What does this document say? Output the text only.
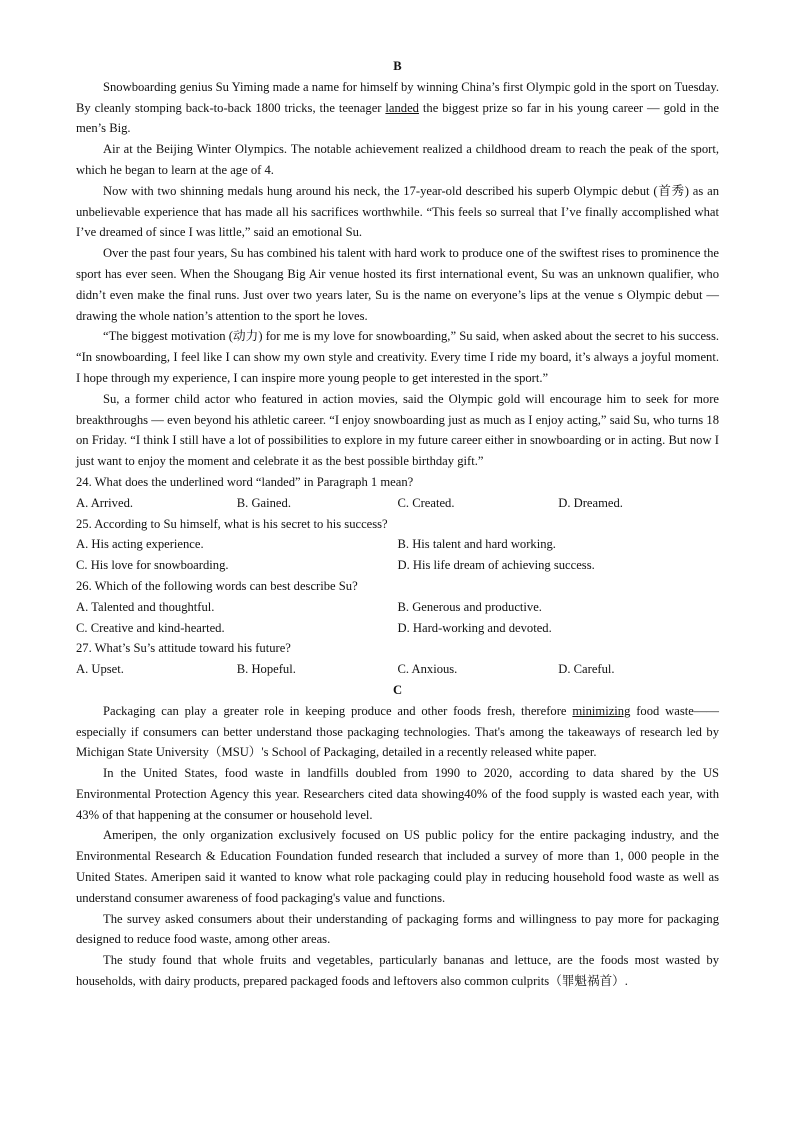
B

Snowboarding genius Su Yiming made a name for himself by winning China’s first Olympic gold in the sport on Tuesday. By cleanly stomping back-to-back 1800 tricks, the teenager landed the biggest prize so far in his young career — gold in the men’s Big.

Air at the Beijing Winter Olympics. The notable achievement realized a childhood dream to reach the peak of the sport, which he began to learn at the age of 4.

Now with two shinning medals hung around his neck, the 17-year-old described his superb Olympic debut (首秀) as an unbelievable experience that has made all his sacrifices worthwhile. “This feels so surreal that I’ve finally accomplished what I’ve dreamed of since I was little,” said an emotional Su.

Over the past four years, Su has combined his talent with hard work to produce one of the swiftest rises to prominence the sport has ever seen. When the Shougang Big Air venue hosted its first international event, Su was an unknown qualifier, who didn’t even make the final runs. Just over two years later, Su is the name on everyone’s lips at the venue s Olympic debut — drawing the whole nation’s attention to the sport he loves.

“The biggest motivation (动力) for me is my love for snowboarding,” Su said, when asked about the secret to his success. “In snowboarding, I feel like I can show my own style and creativity. Every time I ride my board, it’s always a joyful moment. I hope through my experience, I can inspire more young people to get interested in the sport.”

Su, a former child actor who featured in action movies, said the Olympic gold will encourage him to seek for more breakthroughs — even beyond his athletic career. “I enjoy snowboarding just as much as I enjoy acting,” said Su, who turns 18 on Friday. “I think I still have a lot of possibilities to explore in my future career either in snowboarding or in acting. But now I just want to enjoy the moment and celebrate it as the best possible birthday gift.”

24. What does the underlined word “landed” in Paragraph 1 mean?

A. Arrived.	B. Gained.	C. Created.	D. Dreamed.

25. According to Su himself, what is his secret to his success?

A. His acting experience.	B. His talent and hard working.
C. His love for snowboarding.	D. His life dream of achieving success.

26. Which of the following words can best describe Su?

A. Talented and thoughtful.	B. Generous and productive.
C. Creative and kind-hearted.	D. Hard-working and devoted.

27. What’s Su’s attitude toward his future?

A. Upset.	B. Hopeful.	C. Anxious.	D. Careful.

C

Packaging can play a greater role in keeping produce and other foods fresh, therefore minimizing food waste—— especially if consumers can better understand those packaging technologies. That's among the takeaways of research led by Michigan State University（MSU）'s School of Packaging, detailed in a recently released white paper.

In the United States, food waste in landfills doubled from 1990 to 2020, according to data shared by the US Environmental Protection Agency this year. Researchers cited data showing40% of the food supply is wasted each year, with 43% of that happening at the consumer or household level.

Ameripen, the only organization exclusively focused on US public policy for the entire packaging industry, and the Environmental Research & Education Foundation funded research that included a survey of more than 1, 000 people in the United States. Ameripen said it wanted to know what role packaging could play in reducing household food waste as well as understand consumer awareness of food packaging's value and functions.

The survey asked consumers about their understanding of packaging forms and willingness to pay more for packaging designed to reduce food waste, among other areas.

The study found that whole fruits and vegetables, particularly bananas and lettuce, are the foods most wasted by households, with dairy products, prepared packaged foods and leftovers also common culprits（罪魁祸首）.
